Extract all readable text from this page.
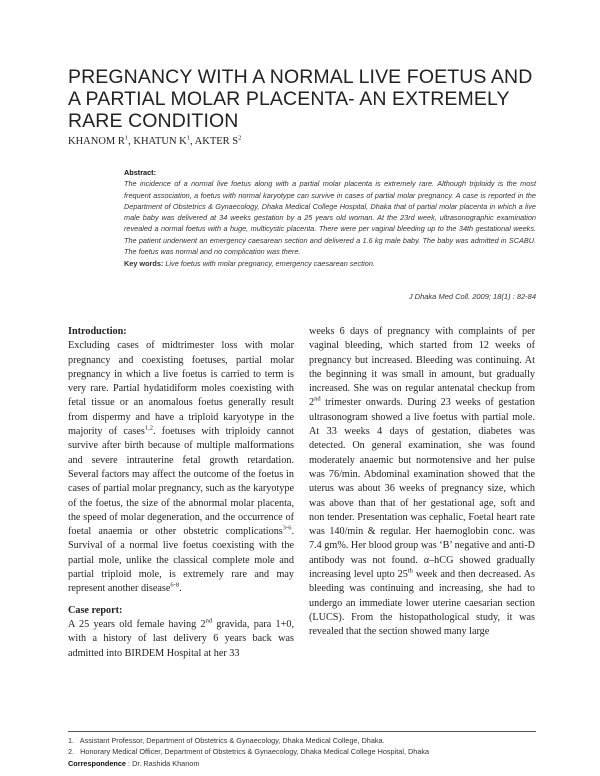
PREGNANCY WITH A NORMAL LIVE FOETUS AND A PARTIAL MOLAR PLACENTA- AN EXTREMELY RARE CONDITION
KHANOM $R^1$, KHATUN $K^1$, AKTER $S^2$
Abstract:
The incidence of a normal live foetus along with a partial molar placenta is extremely rare. Although triploidy is the most frequent association, a foetus with normal karyotype can survive in cases of partial molar pregnancy. A case is reported in the Department of Obstetrics & Gynaecology, Dhaka Medical College Hospital, Dhaka that of partial molar placenta in which a live male baby was delivered at 34 weeks gestation by a 25 years old woman. At the 23rd week, ultrasonographic examination revealed a normal foetus with a huge, multicystic placenta. There were per vaginal bleeding up to the 34th gestational weeks. The patient underwent an emergency caesarean section and delivered a 1.6 kg male baby. The baby was admitted in SCABU. The foetus was normal and no complication was there.
Key words: Live foetus with molar pregnancy, emergency caesarean section.
J Dhaka Med Coll. 2009; 18(1) : 82-84
Introduction:

Excluding cases of midtrimester loss with molar pregnancy and coexisting foetuses, partial molar pregnancy in which a live foetus is carried to term is very rare. Partial hydatidiform moles coexisting with fetal tissue or an anomalous foetus generally result from dispermy and have a triploid karyotype in the majority of cases$^{1,2}$. foetuses with triploidy cannot survive after birth because of multiple malformations and severe intrauterine fetal growth retardation. Several factors may affect the outcome of the foetus in cases of partial molar pregnancy, such as the karyotype of the foetus, the size of the abnormal molar placenta, the speed of molar degeneration, and the occurrence of foetal anaemia or other obstetric complications$^{3-6}$. Survival of a normal live foetus coexisting with the partial mole, unlike the classical complete mole and partial triploid mole, is extremely rare and may represent another disease$^{6-8}$.

Case report:

A 25 years old female having 2nd gravida, para 1+0, with a history of last delivery 6 years back was admitted into BIRDEM Hospital at her 33

weeks 6 days of pregnancy with complaints of per vaginal bleeding, which started from 12 weeks of pregnancy but increased. Bleeding was continuing. At the beginning it was small in amount, but gradually increased. She was on regular antenatal checkup from 2nd trimester onwards. During 23 weeks of gestation ultrasonogram showed a live foetus with partial mole. At 33 weeks 4 days of gestation, diabetes was detected. On general examination, she was found moderately anaemic but normotensive and her pulse was 76/min. Abdominal examination showed that the uterus was about 36 weeks of pregnancy size, which was above than that of her gestational age, soft and non tender. Presentation was cephalic, Foetal heart rate was 140/min & regular. Her haemoglobin conc. was 7.4 gm%. Her blood group was ‘B’ negative and anti-D antibody was not found. α–hCG showed gradually increasing level upto 25th week and then decreased. As bleeding was continuing and increasing, she had to undergo an immediate lower uterine caesarian section (LUCS). From the histopathological study, it was revealed that the section showed many large

1.   Assistant Professor, Department of Obstetrics & Gynaecology, Dhaka Medical College, Dhaka.
2.   Honorary Medical Officer, Department of Obstetrics & Gynaecology, Dhaka Medical College Hospital, Dhaka
Correspondence : Dr. Rashida Khanom
